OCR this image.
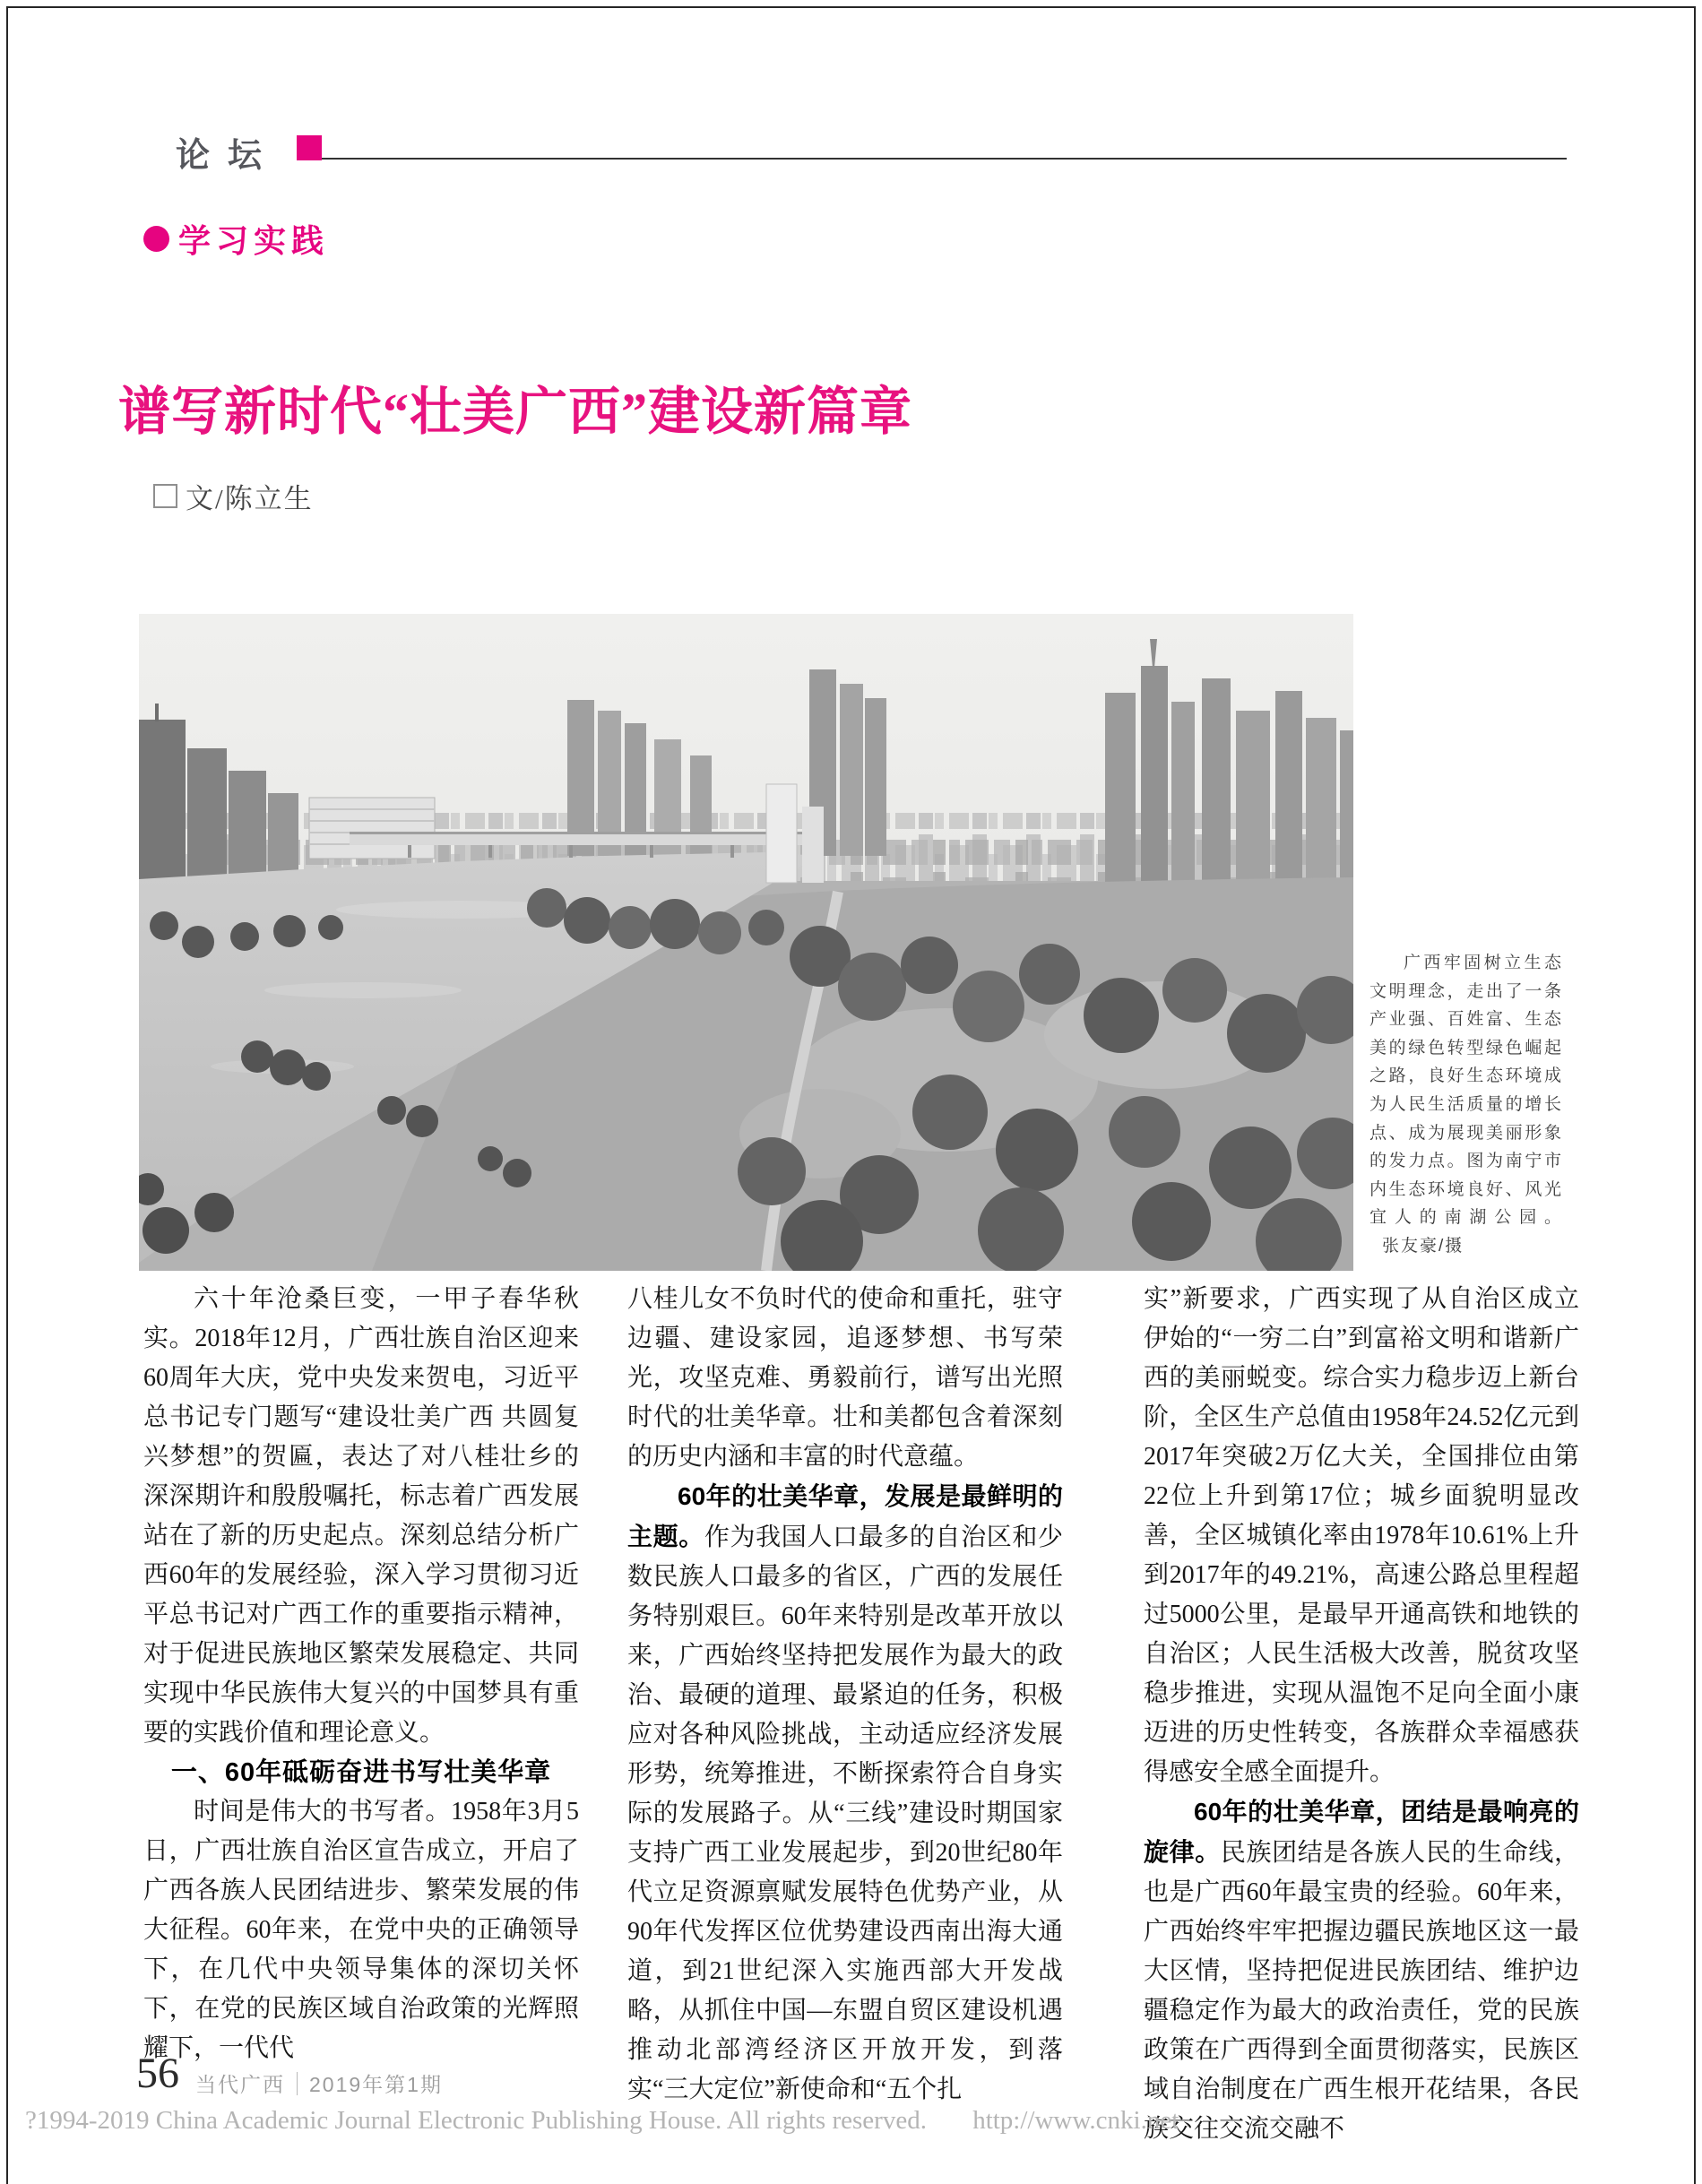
论坛
学习实践
谱写新时代“壮美广西”建设新篇章
文/陈立生

广西牢固树立生态文明理念，走出了一条产业强、百姓富、生态美的绿色转型绿色崛起之路，良好生态环境成为人民生活质量的增长点、成为展现美丽形象的发力点。图为南宁市内生态环境良好、风光宜人的南湖公园。张友豪/摄

六十年沧桑巨变，一甲子春华秋实。2018年12月，广西壮族自治区迎来60周年大庆，党中央发来贺电，习近平总书记专门题写“建设壮美广西 共圆复兴梦想”的贺匾，表达了对八桂壮乡的深深期许和殷殷嘱托，标志着广西发展站在了新的历史起点。深刻总结分析广西60年的发展经验，深入学习贯彻习近平总书记对广西工作的重要指示精神，对于促进民族地区繁荣发展稳定、共同实现中华民族伟大复兴的中国梦具有重要的实践价值和理论意义。

一、60年砥砺奋进书写壮美华章

时间是伟大的书写者。1958年3月5日，广西壮族自治区宣告成立，开启了广西各族人民团结进步、繁荣发展的伟大征程。60年来，在党中央的正确领导下，在几代中央领导集体的深切关怀下，在党的民族区域自治政策的光辉照耀下，一代代

八桂儿女不负时代的使命和重托，驻守边疆、建设家园，追逐梦想、书写荣光，攻坚克难、勇毅前行，谱写出光照时代的壮美华章。壮和美都包含着深刻的历史内涵和丰富的时代意蕴。

60年的壮美华章，发展是最鲜明的主题。作为我国人口最多的自治区和少数民族人口最多的省区，广西的发展任务特别艰巨。60年来特别是改革开放以来，广西始终坚持把发展作为最大的政治、最硬的道理、最紧迫的任务，积极应对各种风险挑战，主动适应经济发展形势，统筹推进，不断探索符合自身实际的发展路子。从“三线”建设时期国家支持广西工业发展起步，到20世纪80年代立足资源禀赋发展特色优势产业，从90年代发挥区位优势建设西南出海大通道，到21世纪深入实施西部大开发战略，从抓住中国—东盟自贸区建设机遇推动北部湾经济区开放开发，到落实“三大定位”新使命和“五个扎

实”新要求，广西实现了从自治区成立伊始的“一穷二白”到富裕文明和谐新广西的美丽蜕变。综合实力稳步迈上新台阶，全区生产总值由1958年24.52亿元到2017年突破2万亿大关，全国排位由第22位上升到第17位；城乡面貌明显改善，全区城镇化率由1978年10.61%上升到2017年的49.21%，高速公路总里程超过5000公里，是最早开通高铁和地铁的自治区；人民生活极大改善，脱贫攻坚稳步推进，实现从温饱不足向全面小康迈进的历史性转变，各族群众幸福感获得感安全感全面提升。

60年的壮美华章，团结是最响亮的旋律。民族团结是各族人民的生命线，也是广西60年最宝贵的经验。60年来，广西始终牢牢把握边疆民族地区这一最大区情，坚持把促进民族团结、维护边疆稳定作为最大的政治责任，党的民族政策在广西得到全面贯彻落实，民族区域自治制度在广西生根开花结果，各民族交往交流交融不

56 当代广西 2019年第1期
?1994-2019 China Academic Journal Electronic Publishing House. All rights reserved. http://www.cnki.net
